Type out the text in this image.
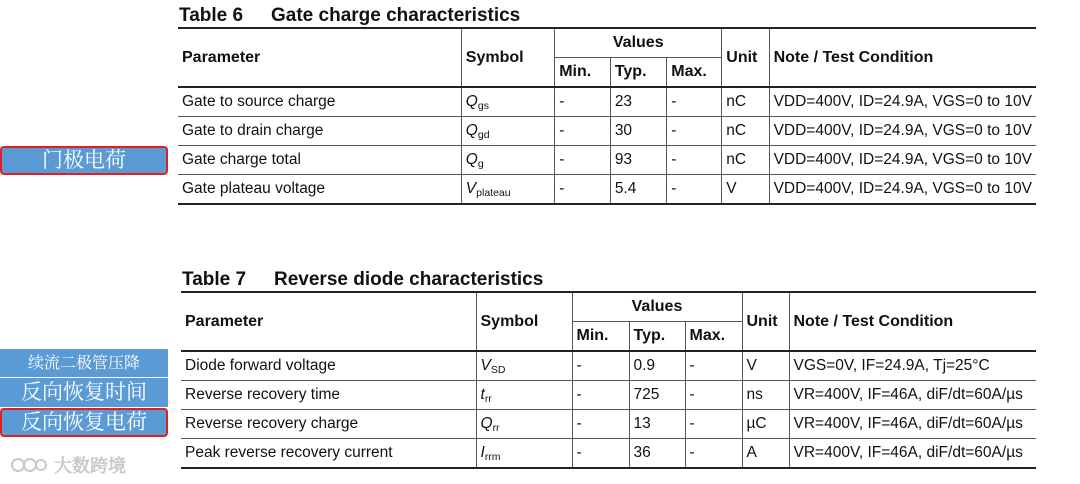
Table 6 Gate charge characteristics
Parameter	Symbol	Values			Unit	Note / Test Condition
		Min.	Typ.	Max.		
Gate to source charge	$Q_{gs}$	-	23	-	nC	VDD=400V, ID=24.9A, VGS=0 to 10V
Gate to drain charge	$Q_{gd}$	-	30	-	nC	VDD=400V, ID=24.9A, VGS=0 to 10V
Gate charge total	$Q_g$	-	93	-	nC	VDD=400V, ID=24.9A, VGS=0 to 10V
Gate plateau voltage	$V_{plateau}$	-	5.4	-	V	VDD=400V, ID=24.9A, VGS=0 to 10V
Table 7 Reverse diode characteristics
Parameter	Symbol	Values			Unit	Note / Test Condition
		Min.	Typ.	Max.		
Diode forward voltage	$V_{SD}$	-	0.9	-	V	VGS=0V, IF=24.9A, Tj=25°C
Reverse recovery time	$t_{rr}$	-	725	-	ns	VR=400V, IF=46A, diF/dt=60A/µs
Reverse recovery charge	$Q_{rr}$	-	13	-	µC	VR=400V, IF=46A, diF/dt=60A/µs
Peak reverse recovery current	$I_{rrm}$	-	36	-	A	VR=400V, IF=46A, diF/dt=60A/µs
门极电荷
续流二极管压降
反向恢复时间
反向恢复电荷
大数跨境
